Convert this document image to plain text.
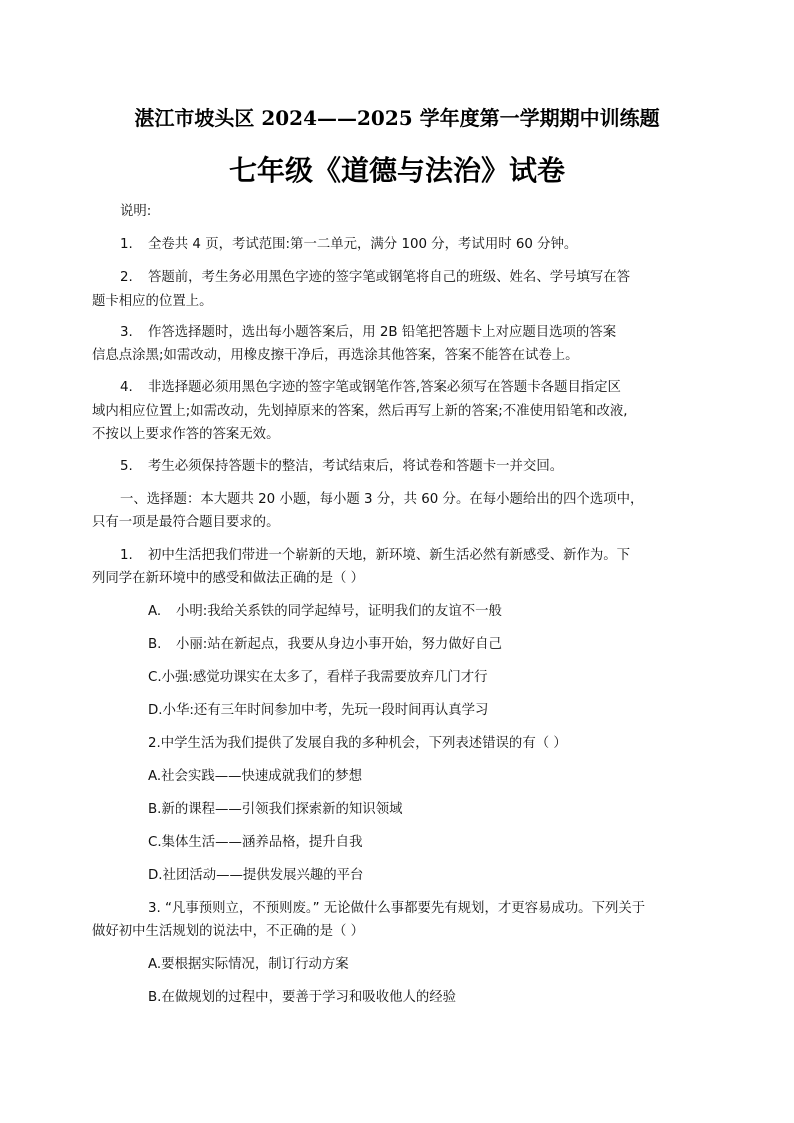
湛江市坡头区 2024——2025 学年度第一学期期中训练题
七年级《道德与法治》试卷
说明:
1. 全卷共 4 页，考试范围:第一二单元，满分 100 分，考试用时 60 分钟。
2. 答题前，考生务必用黑色字迹的签字笔或钢笔将自己的班级、姓名、学号填写在答
题卡相应的位置上。
3. 作答选择题时，选出每小题答案后，用 2B 铅笔把答题卡上对应题目选项的答案
信息点涂黑;如需改动，用橡皮擦干净后，再选涂其他答案，答案不能答在试卷上。
4. 非选择题必须用黑色字迹的签字笔或钢笔作答,答案必须写在答题卡各题目指定区
域内相应位置上;如需改动，先划掉原来的答案，然后再写上新的答案;不准使用铅笔和改液,
不按以上要求作答的答案无效。
5. 考生必须保持答题卡的整洁，考试结束后，将试卷和答题卡一并交回。
一、选择题：本大题共 20 小题，每小题 3 分，共 60 分。在每小题给出的四个选项中，
只有一项是最符合题目要求的。
1. 初中生活把我们带进一个崭新的天地，新环境、新生活必然有新感受、新作为。下
列同学在新环境中的感受和做法正确的是（ ）
A. 小明:我给关系铁的同学起绰号，证明我们的友谊不一般
B. 小丽:站在新起点，我要从身边小事开始，努力做好自己
C.小强:感觉功课实在太多了，看样子我需要放弃几门才行
D.小华:还有三年时间参加中考，先玩一段时间再认真学习
2.中学生活为我们提供了发展自我的多种机会，下列表述错误的有（ ）
A.社会实践——快速成就我们的梦想
B.新的课程——引领我们探索新的知识领域
C.集体生活——涵养品格，提升自我
D.社团活动——提供发展兴趣的平台
3. “凡事预则立，不预则废。” 无论做什么事都要先有规划，才更容易成功。下列关于
做好初中生活规划的说法中，不正确的是（ ）
A.要根据实际情况，制订行动方案
B.在做规划的过程中，要善于学习和吸收他人的经验
